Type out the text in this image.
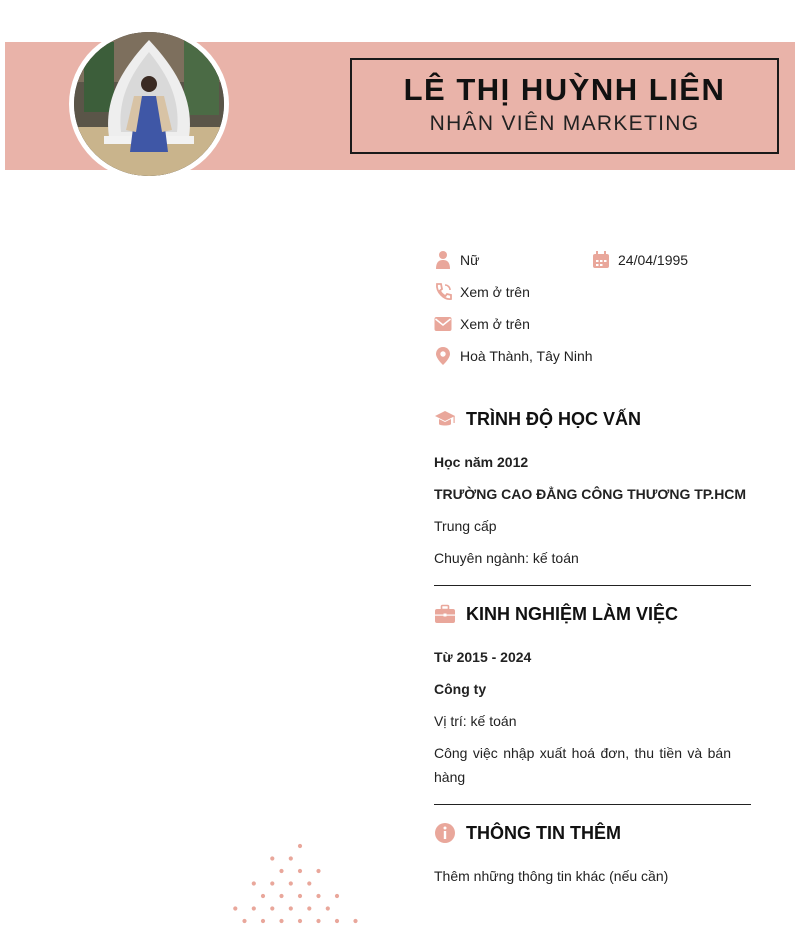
LÊ THỊ HUỲNH LIÊN
NHÂN VIÊN MARKETING
Nữ	24/04/1995
Xem ở trên
Xem ở trên
Hoà Thành, Tây Ninh
TRÌNH ĐỘ HỌC VẤN
Học năm 2012
TRƯỜNG CAO ĐẲNG CÔNG THƯƠNG TP.HCM
Trung cấp
Chuyên ngành: kế toán
KINH NGHIỆM LÀM VIỆC
Từ 2015 - 2024
Công ty
Vị trí: kế toán
Công việc nhập xuất hoá đơn, thu tiền và bán hàng
THÔNG TIN THÊM
Thêm những thông tin khác (nếu cần)
